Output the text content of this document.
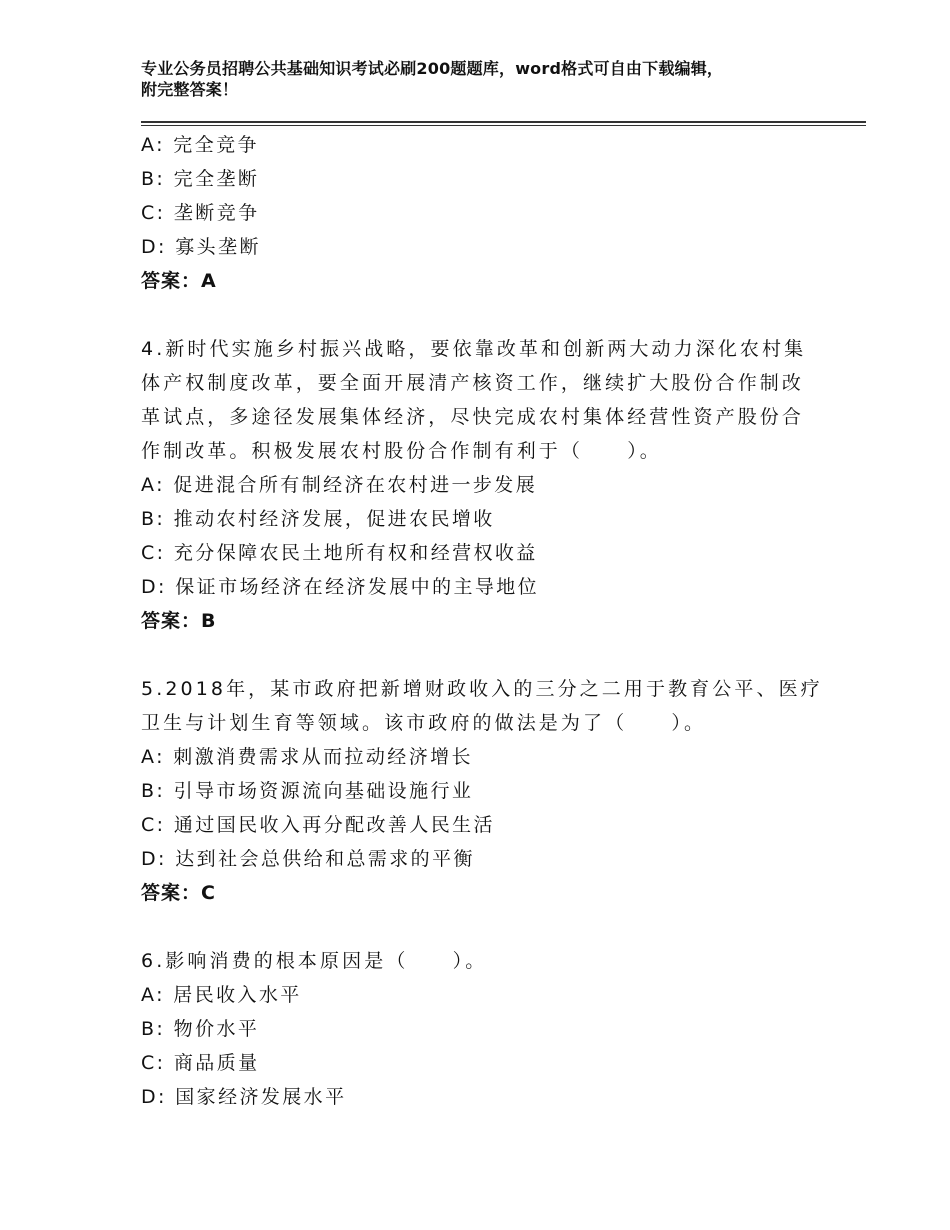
专业公务员招聘公共基础知识考试必刷200题题库，word格式可自由下载编辑，
附完整答案！
A: 完全竞争
B: 完全垄断
C: 垄断竞争
D: 寡头垄断
答案：A
4.新时代实施乡村振兴战略，要依靠改革和创新两大动力深化农村集
体产权制度改革，要全面开展清产核资工作，继续扩大股份合作制改
革试点，多途径发展集体经济，尽快完成农村集体经营性资产股份合
作制改革。积极发展农村股份合作制有利于（　　）。
A: 促进混合所有制经济在农村进一步发展
B: 推动农村经济发展，促进农民增收
C: 充分保障农民土地所有权和经营权收益
D: 保证市场经济在经济发展中的主导地位
答案：B
5.2018年，某市政府把新增财政收入的三分之二用于教育公平、医疗
卫生与计划生育等领域。该市政府的做法是为了（　　）。
A: 刺激消费需求从而拉动经济增长
B: 引导市场资源流向基础设施行业
C: 通过国民收入再分配改善人民生活
D: 达到社会总供给和总需求的平衡
答案：C
6.影响消费的根本原因是（　　）。
A: 居民收入水平
B: 物价水平
C: 商品质量
D: 国家经济发展水平
